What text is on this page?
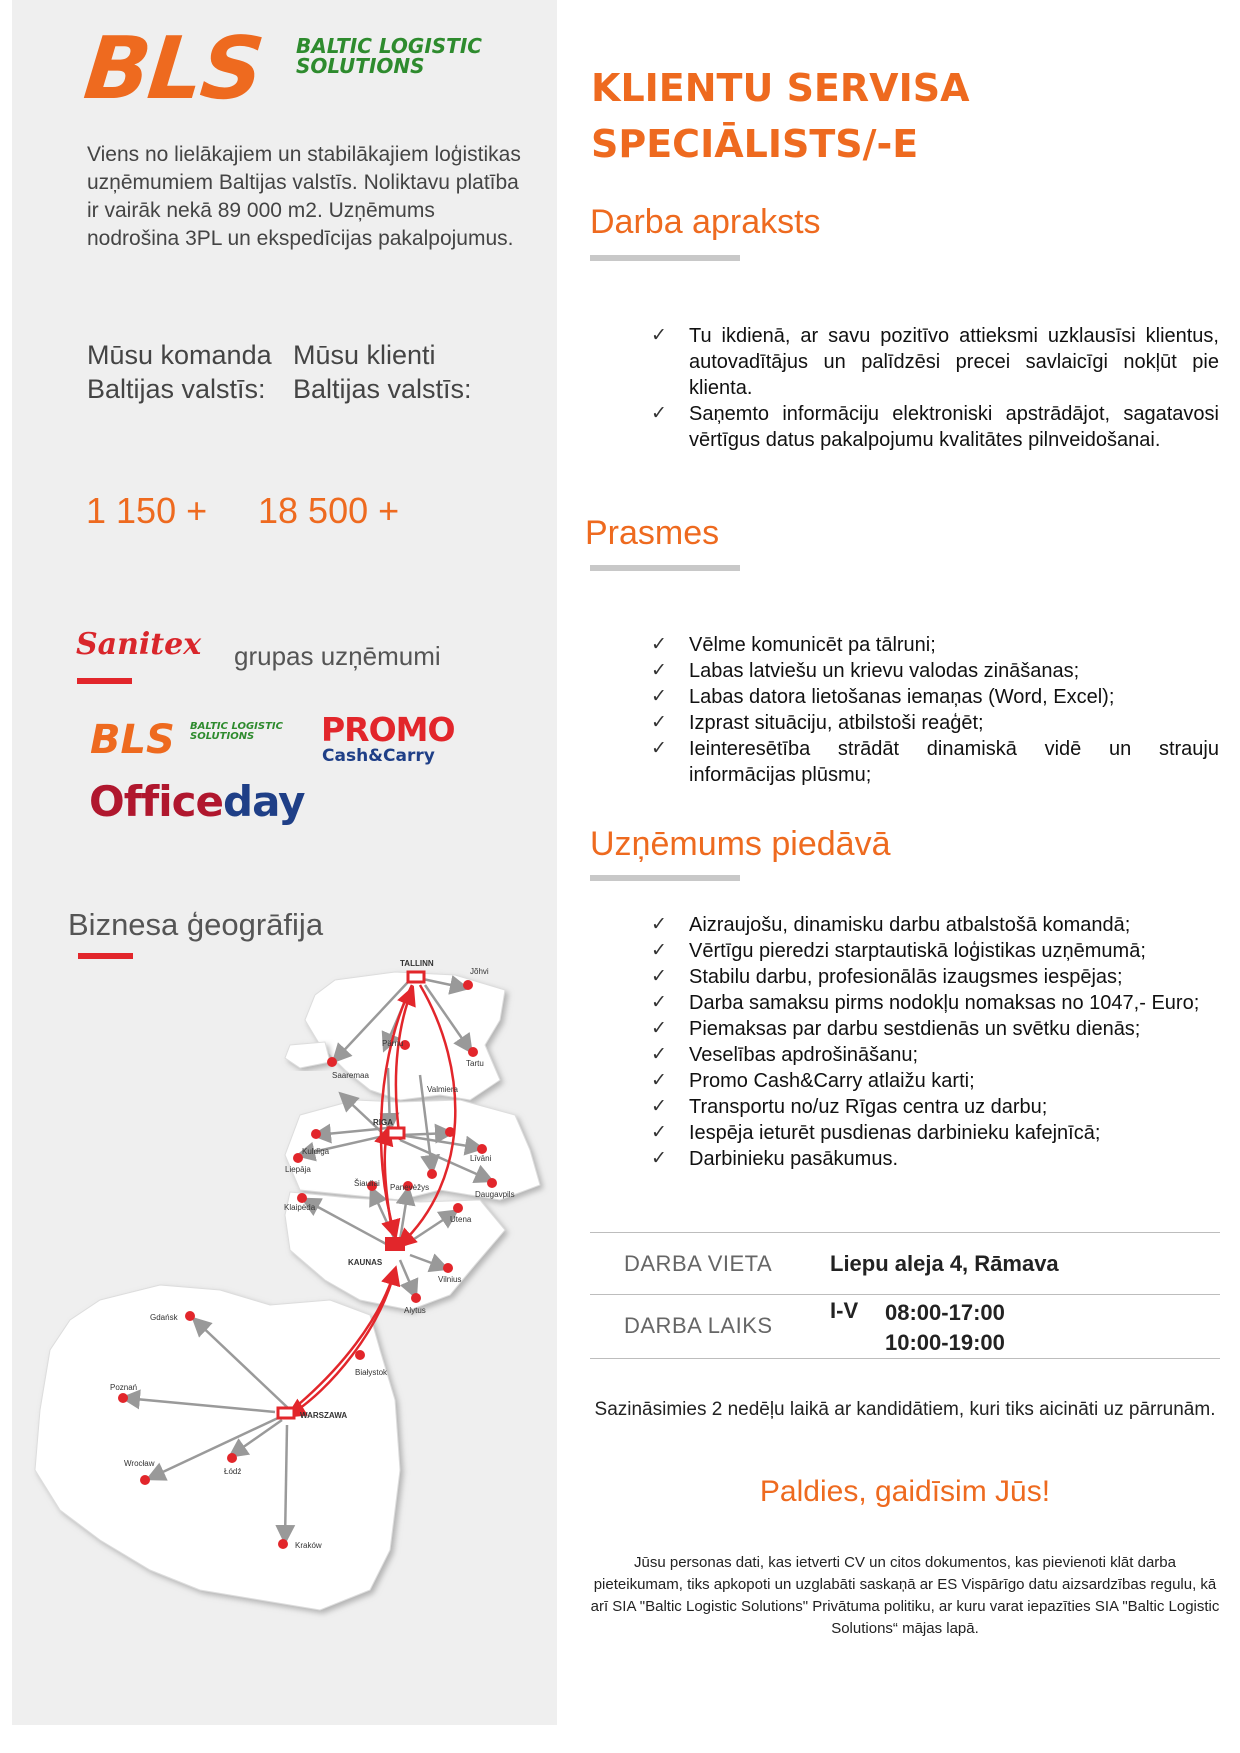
BLS BALTIC LOGISTIC
SOLUTIONS
Viens no lielākajiem un stabilākajiem loģistikas uzņēmumiem Baltijas valstīs. Noliktavu platība ir vairāk nekā 89 000 m2. Uzņēmums nodrošina 3PL un ekspedīcijas pakalpojumus.
Mūsu komanda
Baltijas valstīs:
Mūsu klienti
Baltijas valstīs:
1 150 + 18 500 +
Sanitex grupas uzņēmumi
BLS BALTIC LOGISTIC
SOLUTIONS	PROMO
Cash&Carry
Officeday
Biznesa ģeogrāfija
TALLINN
Jõhvi
Pärnu
Tartu
Saaremaa
Valmiera
RIGA
Kuldīga
Liepāja
Līvāni
Daugavpils
Šiauliai Panevėžys
Utena
Klaipėda
KAUNAS
Vilnius
Alytus
Gdańsk
Białystok
Poznań
WARSZAWA
Łódź
Wrocław
Kraków
KLIENTU SERVISA
SPECIĀLISTS/-E
Darba apraksts
✓ Tu ikdienā, ar savu pozitīvo attieksmi uzklausīsi klientus, autovadītājus un palīdzēsi precei savlaicīgi nokļūt pie klienta.
✓ Saņemto informāciju elektroniski apstrādājot, sagatavosi vērtīgus datus pakalpojumu kvalitātes pilnveidošanai.
Prasmes
✓ Vēlme komunicēt pa tālruni;
✓ Labas latviešu un krievu valodas zināšanas;
✓ Labas datora lietošanas iemaņas (Word, Excel);
✓ Izprast situāciju, atbilstoši reaģēt;
✓ Ieinteresētība strādāt dinamiskā vidē un strauju informācijas plūsmu;
Uzņēmums piedāvā
✓ Aizraujošu, dinamisku darbu atbalstošā komandā;
✓ Vērtīgu pieredzi starptautiskā loģistikas uzņēmumā;
✓ Stabilu darbu, profesionālās izaugsmes iespējas;
✓ Darba samaksu pirms nodokļu nomaksas no 1047,- Euro;
✓ Piemaksas par darbu sestdienās un svētku dienās;
✓ Veselības apdrošināšanu;
✓ Promo Cash&Carry atlaižu karti;
✓ Transportu no/uz Rīgas centra uz darbu;
✓ Iespēja ieturēt pusdienas darbinieku kafejnīcā;
✓ Darbinieku pasākumus.
DARBA VIETA	Liepu aleja 4, Rāmava
DARBA LAIKS
I-V 08:00-17:00
10:00-19:00
Sazināsimies 2 nedēļu laikā ar kandidātiem, kuri tiks aicināti uz pārrunām.
Paldies, gaidīsim Jūs!
Jūsu personas dati, kas ietverti CV un citos dokumentos, kas pievienoti klāt darba pieteikumam, tiks apkopoti un uzglabāti saskaņā ar ES Vispārīgo datu aizsardzības regulu, kā arī SIA "Baltic Logistic Solutions" Privātuma politiku, ar kuru varat iepazīties SIA "Baltic Logistic Solutions“ mājas lapā.
